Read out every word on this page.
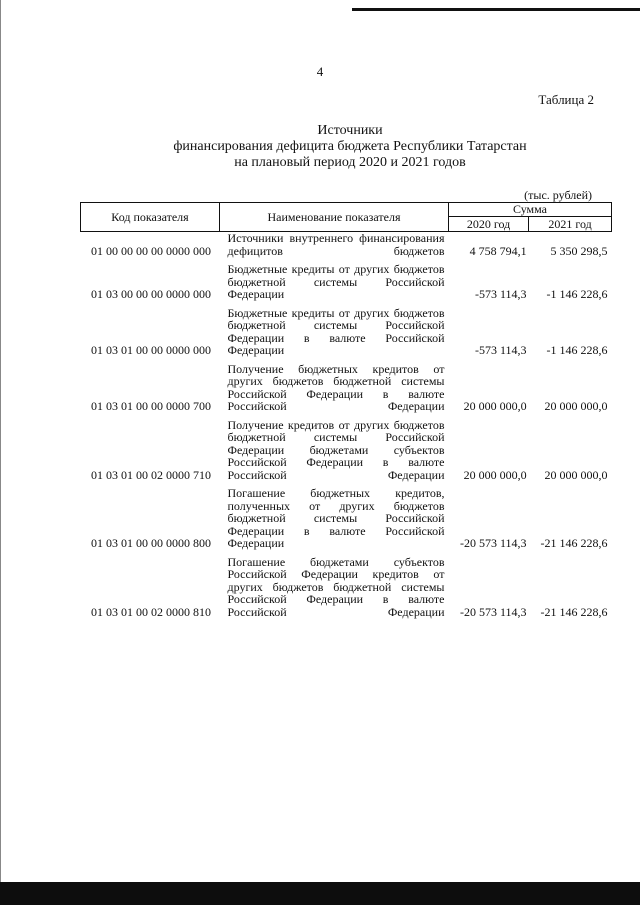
4
Таблица 2
Источники
финансирования дефицита бюджета Республики Татарстан
на плановый период 2020 и 2021 годов
(тыс. рублей)
Код показателя	Наименование показателя	Сумма	
		2020 год	2021 год
01 00 00 00 00 0000 000	Источники внутреннего финансирования дефицитов бюджетов	4 758 794,1	5 350 298,5
01 03 00 00 00 0000 000	Бюджетные кредиты от других бюджетов бюджетной системы Российской Федерации	-573 114,3	-1 146 228,6
01 03 01 00 00 0000 000	Бюджетные кредиты от других бюджетов бюджетной системы Российской Федерации в валюте Российской Федерации	-573 114,3	-1 146 228,6
01 03 01 00 00 0000 700	Получение бюджетных кредитов от других бюджетов бюджетной системы Российской Федерации в валюте Российской Федерации	20 000 000,0	20 000 000,0
01 03 01 00 02 0000 710	Получение кредитов от других бюджетов бюджетной системы Российской Федерации бюджетами субъектов Российской Федерации в валюте Российской Федерации	20 000 000,0	20 000 000,0
01 03 01 00 00 0000 800	Погашение бюджетных кредитов, полученных от других бюджетов бюджетной системы Российской Федерации в валюте Российской Федерации	-20 573 114,3	-21 146 228,6
01 03 01 00 02 0000 810	Погашение бюджетами субъектов Российской Федерации кредитов от других бюджетов бюджетной системы Российской Федерации в валюте Российской Федерации	-20 573 114,3	-21 146 228,6
